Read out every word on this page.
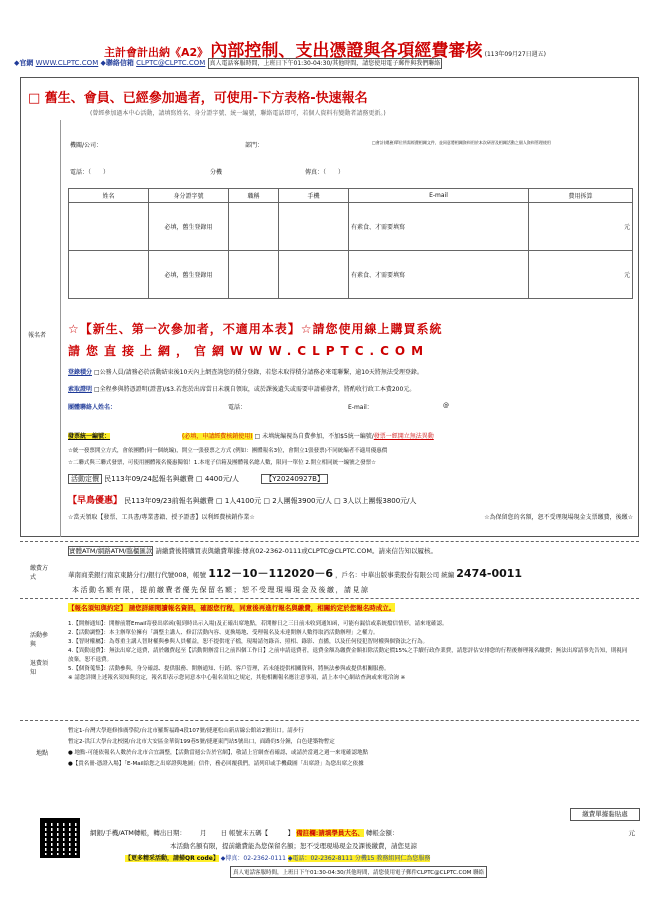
主計會計出納《A2》 內部控制、支出憑證與各項經費審核 (113年09月27日週五)
◆官網 WWW.CLPTC.COM ◆聯絡信箱 CLPTC@CLPTC.COM 真人電話客服時間，上班日下午01:30-04:30/其他時間，請您使用電子郵件與我們聯絡
□ 舊生、會員、已經參加過者，可使用-下方表格-快速報名
(曾經參加過本中心活動，請填寫姓名、身分證字號、統一編號，聯絡電話即可，若個人資料有變動者請務更新。)
報名者
機關/公司：	部門：	□會計(總務)單位所需經費相關文件，並同意將相關資料用於本次研習及相關活動之個人資料管理使用
電話：（　　）	分機	傳真：（　　）
姓名	身分證字號	職稱	手機	E-mail	費用拆算
	必填，舊生登錄用			有素食、才需要填寫	元
	必填，舊生登錄用			有素食、才需要填寫	元
☆【新生、第一次參加者，不適用本表】☆請您使用線上購買系統
請您直接上網，官網WWW.CLPTC.COM
登錄積分 □公務人員/請務必於活動結束後10天內上網查詢您的積分登錄，若您未取得積分請務必來電聯繫，逾10天將無法受理登錄。
索取證明 □全程參與將憑證明(證書)/$3.若您於出席當日未親自領取，或於課後遺失或需要申請補發者，將酌收行政工本費200元。
團體聯絡人姓名：	電話：	E-mail：	@
發票統一編號：	(必填，申請經費核銷使用) □ 未填統編視為自費參加，不加$5統一編號/發票一經開立無法異動
☆統一發票開立方式，會依團體(同一個統編)，開立一張發票之方式 (例如：團體報名3位，會開立1張發票)不同統編者不適用優惠價
☆二聯式與三聯式發票，可使用團體報名優惠獨領！1.本電子信箱及團體報名總人數，限同一單位 2.開立相同統一編號之發票☆
活動定價 民113年09/24起報名與繳費 □ 4400元/人	【Y20240927B】
【早鳥優惠】 民113年09/23前報名與繳費 □ 1人4100元 □ 2人團報3900元/人 □ 3人以上團報3800元/人
☆當天領取【發票、工具書/專業書籍、授予證書】以利經費核銷作業☆	☆為保留您的名額，恕不受理現場現金支票繳費，後繳☆
繳費方式
實體ATM/網路ATM/臨櫃匯款 請繳費後將購買表與繳費單據:傳真02-2362-0111或CLPTC@CLPTC.COM。請來信告知以履核。
華南商業銀行南京東路分行/銀行代號008，帳號 112－10－112020－6 ，戶名：中華出版事業股份有限公司 統編 2474-0011
本活動名額有限，提前繳費者優先保留名額；恕不受理現場現金及後繳，請見諒
活動參與
退費須知
【報名須知與約定】 請您詳細閱讀報名資訊，確認您行程，同意後再進行報名與繳費，相關約定於您報名時成立。
1.【開辦通知】：開辦前將Email寄發出席函(報到時出示入場)及正確出席地點，若開辦日之三日前未收到通知函，可能有漏信或系統擋信情形，請來電確認。
2.【活動調整】：本主辦單位擁有「調整主講人、修訂活動內容、更換場地、受理報名及未達開辦人數得取消活動辦理」之權力。
3.【智財權屬】：為尊重主講人智財權與參與人員權益，恕不提供電子檔，現場請勿錄音、照相、錄影、直播，以及任何侵犯智財權與個資法之行為。
4.【異動退費】：無法出席之退費，請於繳費起至【活動開辦當日之前四個工作日】之前申請退費者，退費金額為繳費金額扣除活動定價15%之手續行政作業費，請您評估安排您的行程後辦理報名繳費；無法出席請事先告知，則視同放棄，恕不退費。
5.【個資蒐集】：活動參與，身分確認、提供服務、開辦通知、行銷、客戶管理，若未能提供相關資料，將無法參與或提供相關服務。
※ 請您詳閱上述報名須知與約定，報名即表示您同意本中心報名須知之規定，其他相關報名應注意事項，請上本中心網站查詢或來電洽詢 ※
地點
暫定1-台灣大學進修推廣學院/台北市羅斯福路4段107號/捷運松山新店線公館站2號出口。請步行
暫定2-洪江大學台北校園/台北市大安區金華街199巷5號/捷運東門站5號出口，面路約5分鐘，白色建築物暫定
● 地點-可能依報名人數於台北市合宜調整，【活動當週公告於官網】，敬請上官網查看確認，或請於當週之週一來電確認地點
●【貴名冊-憑證入場】「E-Mail給您之出席證與地圖」信件，務必回覆我們，請列印或手機截圖「出席證」為您出席之依據
繳費單據黏貼處
網銀/手機/ATM轉帳，轉出日期： 月 日 帳號末五碼【　　　】 備註欄:請填學員大名、 轉帳金額：	元
本活動名額有限，提前繳費能為您保留名額；恕不受理現場現金及課後繳費，請您見諒
【更多精采活動，請掃QR code】 ◆傳真：02-2362-0111 ◆電話：02-2362-8111 分機15 教務組同仁為您服務
真人電話客服時間，上班日下午01:30-04:30/其他時間，請您使用電子郵件CLPTC@CLPTC.COM 聯絡
